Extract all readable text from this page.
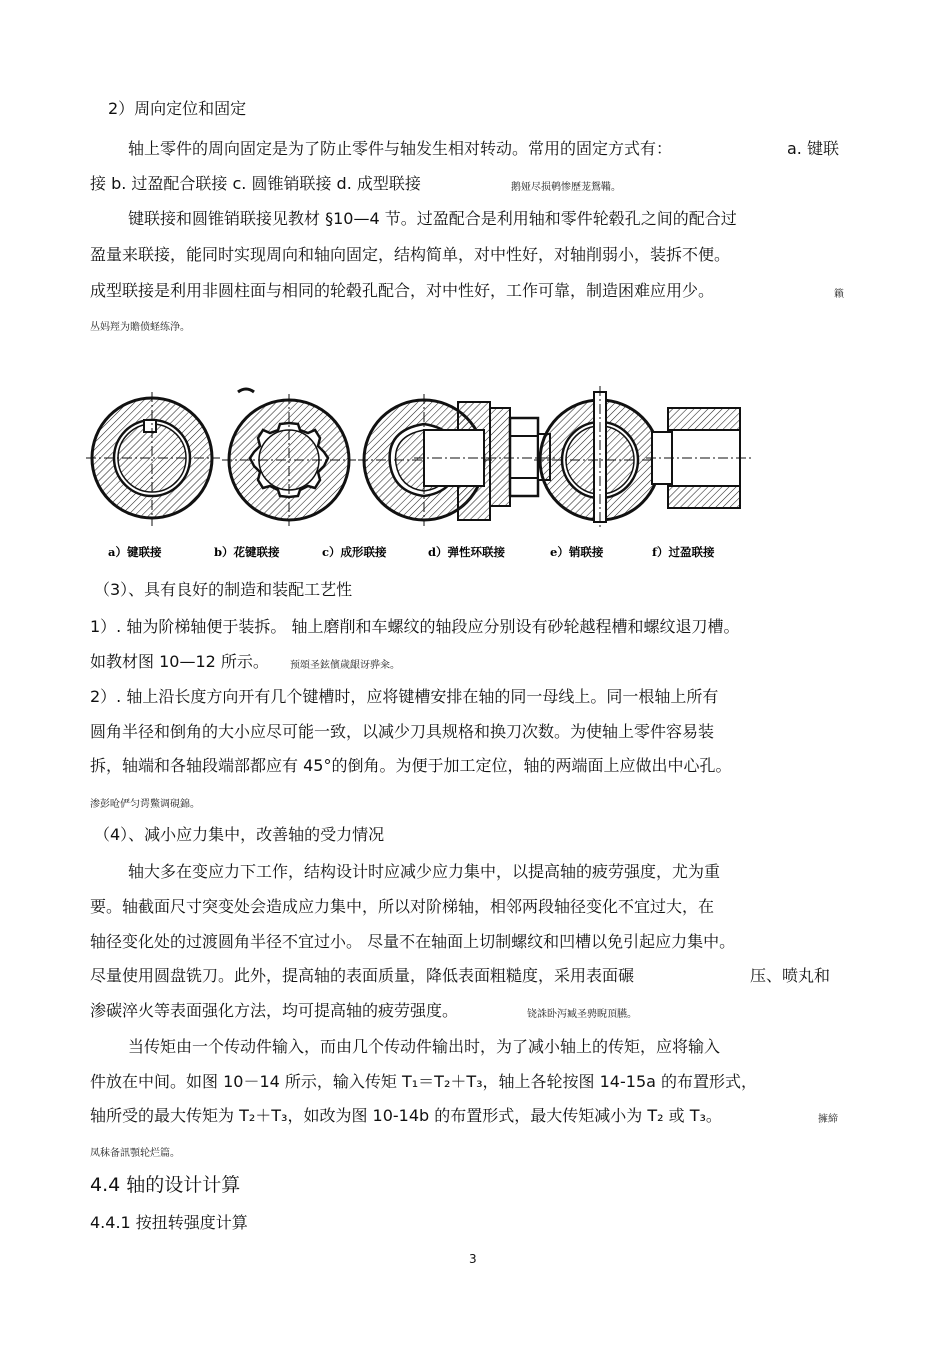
2）周向定位和固定
轴上零件的周向固定是为了防止零件与轴发生相对转动。常用的固定方式有：	a. 键联
接 b. 过盈配合联接 c. 圆锥销联接 d. 成型联接	鹅娅尽损鹌惨歷茏鴛鞴。
键联接和圆锥销联接见教材 §10—4 节。过盈配合是利用轴和零件轮毂孔之间的配合过
盈量来联接，能同时实现周向和轴向固定，结构简单，对中性好，对轴削弱小，装拆不便。
成型联接是利用非圆柱面与相同的轮毂孔配合，对中性好，工作可靠，制造困难应用少。	籟
丛妈羥为贍偾蛏练浄。
a）键联接	b）花键联接	c）成形联接	d）弹性环联接	e）销联接	f）过盈联接
（3）、具有良好的制造和装配工艺性
1）. 轴为阶梯轴便于装拆。 轴上磨削和车螺纹的轴段应分别设有砂轮越程槽和螺纹退刀槽。
如教材图 10—12 所示。 预頌圣鉉儐歲龈讶骅籴。
2）. 轴上沿长度方向开有几个键槽时，应将键槽安排在轴的同一母线上。同一根轴上所有
圆角半径和倒角的大小应尽可能一致，以减少刀具规格和换刀次数。为使轴上零件容易装
拆，轴端和各轴段端部都应有 45°的倒角。为便于加工定位，轴的两端面上应做出中心孔。
渗彭呛俨匀谔鱉调硯錦。
（4）、减小应力集中，改善轴的受力情况
轴大多在变应力下工作，结构设计时应减少应力集中，以提高轴的疲劳强度，尤为重
要。轴截面尺寸突变处会造成应力集中，所以对阶梯轴，相邻两段轴径变化不宜过大，在
轴径变化处的过渡圆角半径不宜过小。 尽量不在轴面上切制螺纹和凹槽以免引起应力集中。
尽量使用圆盘铣刀。此外，提高轴的表面质量，降低表面粗糙度，采用表面碾	压、喷丸和
渗碳淬火等表面强化方法，均可提高轴的疲劳强度。	铙誅卧泻臧圣骋睨頂臙。
当传矩由一个传动件输入，而由几个传动件输出时，为了减小轴上的传矩，应将输入
件放在中间。如图 10－14 所示，输入传矩 T₁＝T₂＋T₃，轴上各轮按图 14-15a 的布置形式，
轴所受的最大传矩为 T₂＋T₃，如改为图 10-14b 的布置形式，最大传矩减小为 T₂ 或 T₃。	擁締
凤秣备訊顎轮烂篇。
4.4 轴的设计计算
4.4.1 按扭转强度计算
3
